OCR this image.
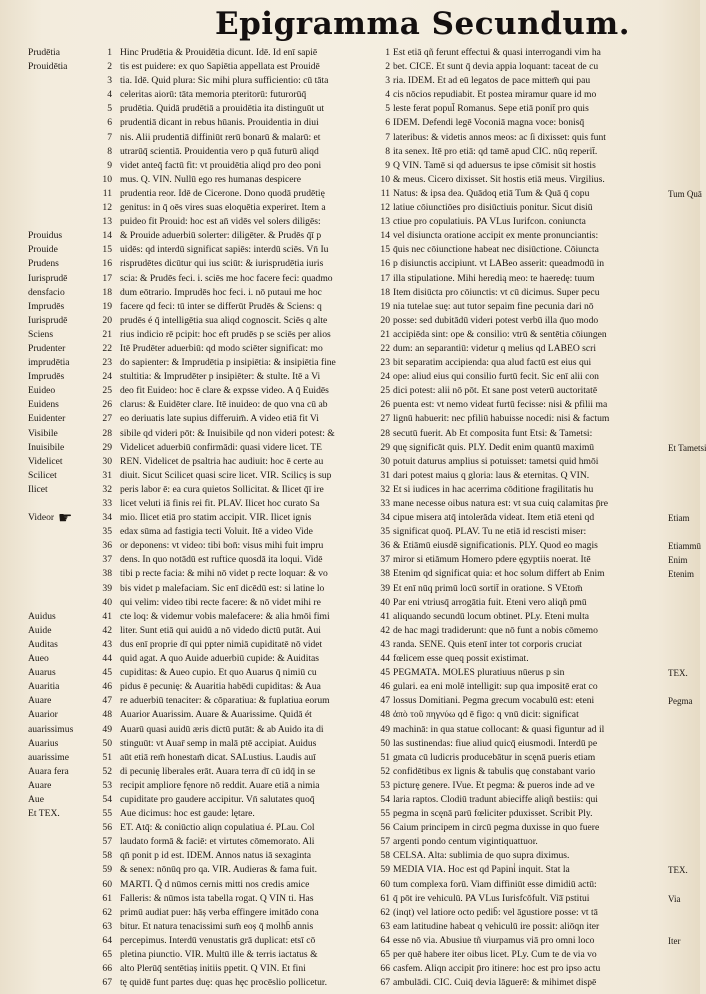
Epigramma Secundum.
Prudētia
Prouidētia
Prouidus
Prouide
Prudens
Iurisprudē
densfacio
Imprudēs
Iurisprudē
Sciens
Prudenter
imprudētia
Imprudēs
Euideo
Euidens
Euidenter
Visibile
Inuisibile
Videlicet
Scilicet
Ilicet
Videor
Auidus
Auide
Auditas
Aueo
Auarus
Auaritia
Auare
Auarior
auarissimus
Auarius
auarissime
Auara fera
Auare
Aue
Et TEX.
1
2
3
4
5
6
7
8
9
10
11
12
13
14
15
16
17
18
19
20
21
22
23
24
25
26
27
28
29
30
31
32
33
34
35
36
37
38
39
40
41
42
43
44
45
46
47
48
49
50
51
52
53
54
55
56
57
58
59
60
61
62
63
64
65
66
67
Hinc Prudētia & Prouidētia dicunt. Idē. Id enī sapiē
tis est puidere: ex quo Sapiētia appellata est Prouidē
tia. Idē. Quid plura: Sic mihi plura sufficientio: cū tāta
celeritas aiorū: tāta memoria pteritorū: futurorūq̄
prudētia. Quidā prudētiā a prouidētia ita distinguūt ut
prudentiā dicant in rebus hūanis. Prouidentia in diui
nis. Alii prudentiā diffiniūt rerū bonarū & malarū: et
utrarūq̄ scientiā. Prouidentia vero p quā futurū aliqd
videt anteq̄ factū fit: vt prouidētia aliqd pro deo poni
mus. Q. VIN. Nullū ego res humanas despicere
prudentia reor. Idē de Cicerone. Dono quodā prudētię
genitus: in q̄ oēs vires suas eloquētia experiret. Item a
puideo fit Prouid: hoc est an̄ vidēs vel solers diligēs:
& Prouide aduerbiū solerter: diligēter. & Prudēs q̄ī p
uidēs: qd interdū significat sapiēs: interdū sciēs. Vn̄ Iu
risprudētes dicūtur qui ius sciūt: & iurisprudētia iuris
scia: & Prudēs feci. i. sciēs me hoc facere feci: quadmo
dum eōtrario. Imprudēs hoc feci. i. nō putaui me hoc
facere qd feci: tū inter se differūt Prudēs & Sciens: q
prudēs é q̄ intelligētia sua aliqd cognoscit. Sciēs q alte
rius indicio rē pcipit: hoc eft prudēs p se sciēs per alios
Itē Prudēter aduerbiū: qd modo sciēter significat: mo
do sapienter: & Imprudētia p insipiētia: & insipiētia fine
stultitia: & Imprudēter p insipiēter: & stulte. Itē a Vi
deo fit Euideo: hoc ē clare & expsse video. A q̄ Euidēs
clarus: & Euidēter clare. Itē inuideo: de quo vna cū ab
eo deriuatis late supius differuim̄. A video etiā fit Vi
sibile qd videri pōt: & Inuisibile qd non videri potest: &
Videlicet aduerbiū confirmādi: quasi videre licet. TE
REN. Videlicet de psaltria hac audiuit: hoc ē certe au
diuit. Sicut Scilicet quasi scire licet. VIR. Scilicș is sup
peris labor ē: ea cura quietos Sollicitat. & Ilicet q̄ī ire
licet veluti iā finis rei fit. PLAV. Ilicet hoc curato Sa
mio. Ilicet etiā pro statim accipit. VIR. Ilicet ignis
edax sūma ad fastigia tecti Voluit. Itē a video Vide
or deponens: vt video: tibi bon̄: visus mihi fuit impru
dens. In quo notādū est ruftice quosdā ita loqui. Vidē
tibi p recte facia: & mihi nō videt p recte loquar: & vo
bis videt p malefaciam. Sic enī dicēdū est: si latine lo
qui velim: video tibi recte facere: & nō videt mihi re
cte loq: & videmur vobis malefacere: & alia hmōi fimi
liter. Sunt etiā qui auidū a nō videdo dictū putāt. Aui
dus enī proprie dī qui ppter nimiā cupiditatē nō videt
quid agat. A quo Auide aduerbiū cupide: & Auiditas
cupiditas: & Aueo cupio. Et quo Auarus q̄ nimiū cu
pidus ē pecunię: & Auaritia habēdi cupiditas: & Aua
re aduerbiū tenaciter: & cōparatiua: & fuplatiua eorum
Auarior Auarissim. Auare & Auarissime. Quidā ét
Auarū quasi auidū æris dictū putāt: & ab Auido ita di
stinguūt: vt Auar̄ semp in malā ptē accipiat. Auidus
aūt etiā rem̄ honestam̄ dicat. SALustius. Laudis auī
di pecunię liberales erāt. Auara terra dī cū idq̄ in se
recipit ampliore fęnore nō reddit. Auare etiā a nimia
cupiditate pro gaudere accipitur. Vn̄ salutates quoq̄
Aue dicimus: hoc est gaude: lętare.
ET. Atq̄: & coniūctio aliqn copulatiua é. PLau. Col
laudato formā & faciē: et virtutes cōmemorato. Ali
qn̄ ponit p id est. IDEM. Annos natus iā sexaginta
& senex: nōnūq pro qa. VIR. Audieras & fama fuit.
MARTI. Q̄ d nūmos cernis mitti nos credis amice
Falleris: & nūmos ista tabella rogat. Q VIN ti. Has
primū audiat puer: hāș verba effingere imitādo cona
bitur. Et natura tenacissimi sum̄ eoș q̄ molhb̄ annis
percepimus. Interdū venustatis grā duplicat: etsī cō
pletina piunctio. VIR. Multū ille & terris iactatus &
alto Plerūq̄ sentētiaș initiis ppetit. Q VIN. Et fini
tę quidē funt partes duę: quas hęc procēslio pollicetur.
1
2
3
4
5
6
7
8
9
10
11
12
13
14
15
16
17
18
19
20
21
22
23
24
25
26
27
28
29
30
31
32
33
34
35
36
37
38
39
40
41
42
43
44
45
46
47
48
49
50
51
52
53
54
55
56
57
58
59
60
61
62
63
64
65
66
67
Est etiā qñ ferunt effectui & quasi interrogandi vim ha
bet. CICE. Et sunt q̄ devia appia loquant: taceat de cu
ria. IDEM. Et ad eū legatos de pace mittem̄ qui pau
cis nōcios repudiabit. Et postea miramur quare id mo
leste ferat popul̄ Romanus. Sepe etiā ponit̄ pro quis
IDEM. Defendi legē Voconiā magna voce: bonisq̄
lateribus: & videtis annos meos: ac ſi dixisset: quis funt
ita senex. Itē pro etiā: qd tamē apud CIC. nūq reperit̄.
Q VIN. Tamē si qd aduersus te ipse cōmisit sit hostis
& meus. Cicero dixisset. Sit hostis etiā meus. Virgilius.
Natus: & ipsa dea. Quādoq etiā Tum & Quā q̄ copu
latiue cōiunctiōes pro disiūctiuis ponitur. Sicut disiū
ctiue pro copulatiuis. PA VLus Iurifcon. coniuncta
vel disiuncta oratione accipit ex mente pronunciantis:
q̄uis nec cōiunctione habeat nec disiūctione. Cōiuncta
p disiunctis accipiunt. vt LABeo asserit: queadmodū in
illa stipulatione. Mihi heredią meo: te haeredę: tuum
Item disiūcta pro cōiunctis: vt cū dicimus. Super pecu
nia tutelae suę: aut tutor sepaim fine pecunia dari nō
posse: sed dubitādū videri potest verbū illa q̄uo modo
accipiēda sint: ope & consilio: vtrū & sentētia cōiungen
dum: an separantiū: videtur q melius qd LABEO scri
bit separatim accipienda: qua alud factū est eius qui
ope: aliud eius qui consilio furtū fecit. Sic enī alii con
dici potest: alii nō pōt. Et sane post veterū auctoritatē
puenta est: vt nemo videat furtū fecisse: nisi & pfilii ma
lignū habuerit: nec pfiliū habuisse nocedi: nisi & factum
secutū fuerit. Ab Et composita funt Etsi: & Tametsi:
quę significāt quis. PLY. Dedit enim quantū maximū
potuit daturus amplius si potuisset: tametsi quid hmōi
dari potest maius q gloria: laus & eternitas. Q VIN.
Et si iudices in hac acerrima cōditione fragilitatis hu
mane necesse oibus natura est: vt sua cuiq calamitas p̄re
cipue misera atq̄ intolerāda videat. Item etiā eteni qd
significat quoq̄. PLAV. Tu ne etiā id rescisti miser:
& Etiāmū eiusdē significationis. PLY. Quod eo magis
miror si etiāmum Homero pdere ęgyptiis noerat. Itē
Etenim qd significat quia: et hoc solum differt ab Enim
Et enī nūq primū locū sortit̄ in oratione. S VEtom̄
Par eni vtriusq̄ arrogātia fuit. Eteni vero aliqñ pmū
aliquando secundū locum obtinet. PLy. Eteni multa
de hac magi tradiderunt: que nō funt a nobis cōmemo
randa. SENE. Quis etenī inter tot corporis cruciat
fœlicem esse queq possit existimat.
PEGMATA. MOLES pluratiuus nūerus p sin
gulari. ea eni molē intelligit: sup qua impositē erat co
lossus Domitiani. Pegma grecum vocabulū est: eteni
ἀπὸ τοῦ πηγνύω qd ē figo: q vnū dicit: significat
machinā: in qua statue collocant: & quasi figuntur ad il
las sustinendas: fiue aliud quicq̄ eiusmodi. Interdū pe
gmata cū ludicris producebātur in scęnā pueris etiam
confidētibus ex lignis & tabulis quę constabant vario
picturę genere. IVue. Et pegma: & pueros inde ad ve
laria raptos. Clodiū tradunt abieciffe aliqñ bestiis: qui
pegma in scęnā parū fœliciter pduxisset. Scribit Ply.
Caium principem in circū pegma duxisse in quo fuere
argenti pondo centum vigintiquattuor.
CELSA. Alta: sublimia de quo supra diximus.
MEDIA VIA. Hoc est qd Papini̇ inquit. Stat la
tum complexa forū. Viam diffiniūt esse dimidiū actū:
q̄ pōt ire vehiculū. PA VLus Iurisfcōfult. Via̅ pstitui
(inqt) vel latiore octo pedib̄: vel āgustiore posse: vt tā
eam latitudine habeat q vehiculū ire possit: aliōqn iter
esse nō via. Abusiue tñ viurpamus viā pro omni loco
per quē habere iter oibus licet. PLy. Cum te de via vo
casfem. Aliqn accipit p̄ro itinere: hoc est pro ipso actu
ambulādi. CIC. Cuiq̄ devia lāguerē: & mihimet dispē
Tum Quā
Et Tametsi
Etiam
Etiammū
Enim
Etenim
TEX.
Pegma
TEX.
Via
Iter
☛
